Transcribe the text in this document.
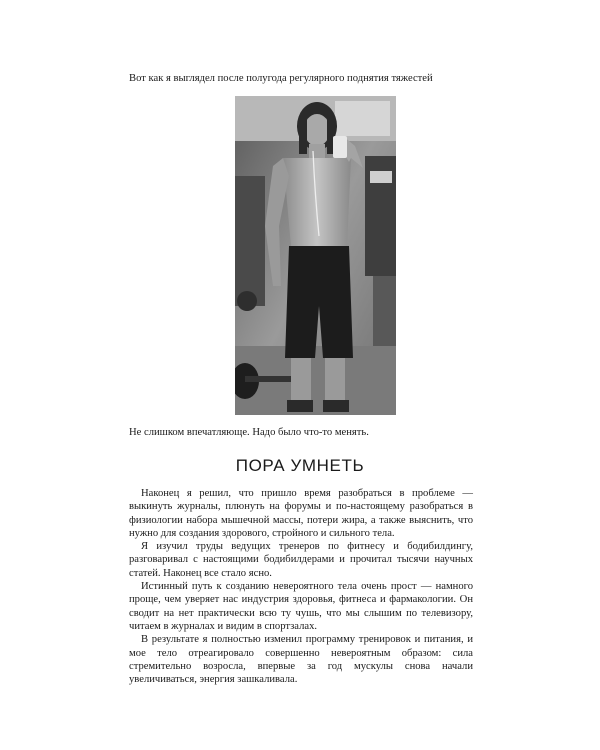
Вот как я выглядел после полугода регулярного поднятия тяжестей
Не слишком впечатляюще. Надо было что-то менять.
ПОРА УМНЕТЬ

Наконец я решил, что пришло время разобраться в проблеме — выкинуть журналы, плюнуть на форумы и по-настоящему разобраться в физиологии набора мышечной массы, потери жира, а также выяснить, что нужно для создания здорового, стройного и сильного тела.

Я изучил труды ведущих тренеров по фитнесу и бодибилдингу, разговаривал с настоящими бодибилдерами и прочитал тысячи научных статей. Наконец все стало ясно.

Истинный путь к созданию невероятного тела очень прост — намного проще, чем уверяет нас индустрия здоровья, фитнеса и фармакологии. Он сводит на нет практически всю ту чушь, что мы слышим по телевизору, читаем в журналах и видим в спортзалах.

В результате я полностью изменил программу тренировок и питания, и мое тело отреагировало совершенно невероятным образом: сила стремительно возросла, впервые за год мускулы снова начали увеличиваться, энергия зашкаливала.
